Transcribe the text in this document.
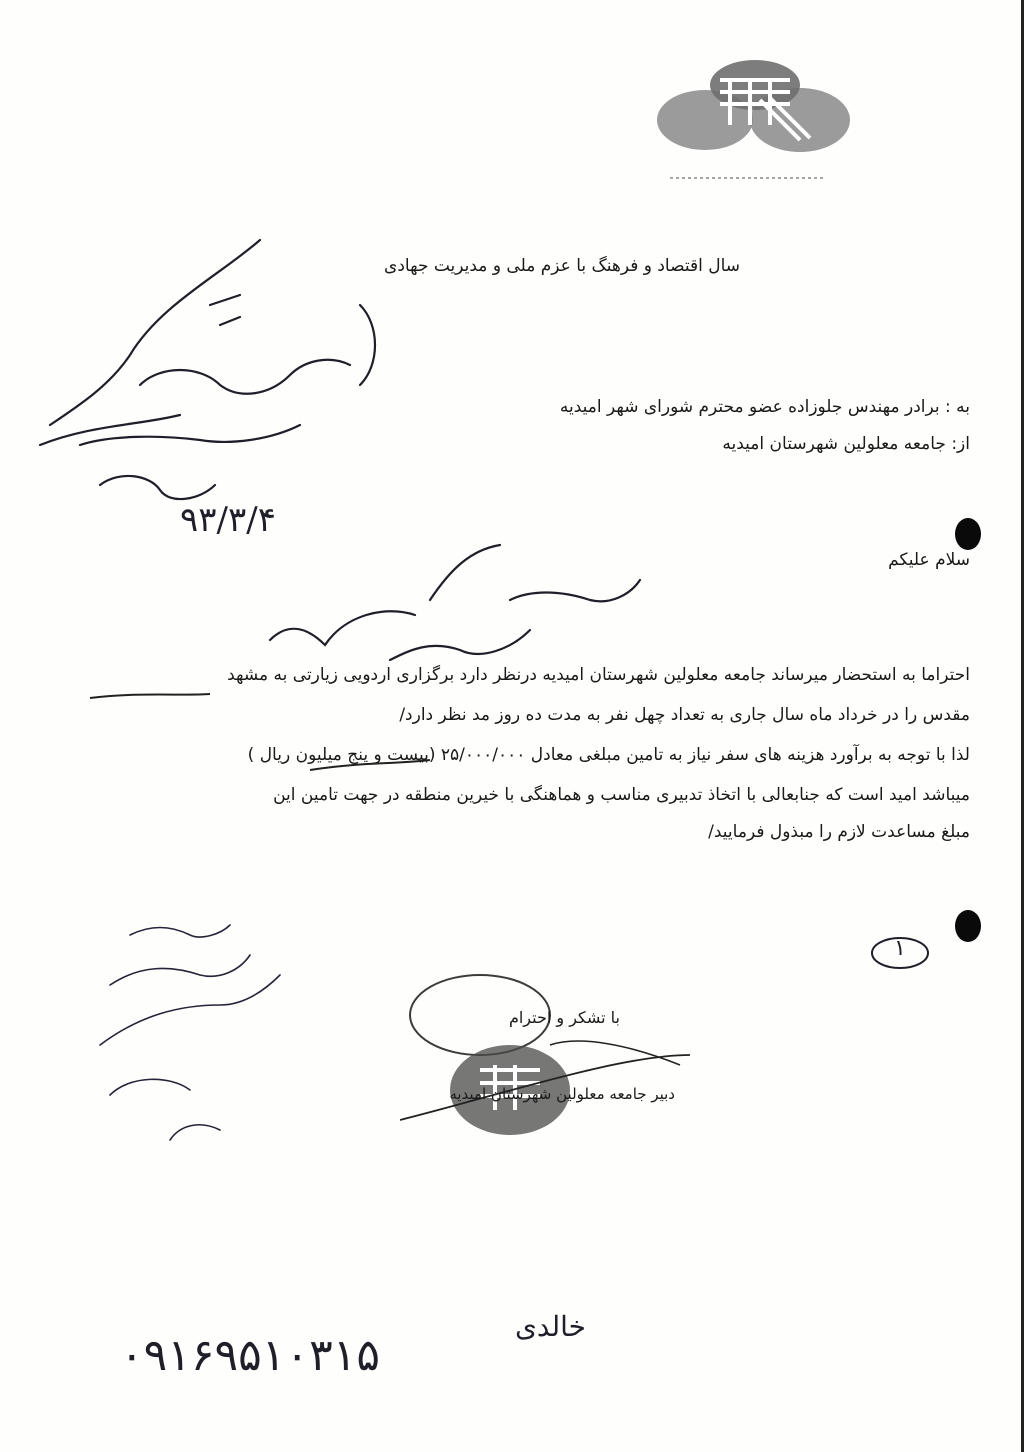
سال اقتصاد و فرهنگ با عزم ملی و مدیریت جهادی
به : برادر مهندس جلوزاده عضو محترم شورای شهر امیدیه
از: جامعه معلولین شهرستان امیدیه
سلام علیکم
احتراما به استحضار میرساند جامعه معلولین شهرستان امیدیه درنظر دارد برگزاری اردویی زیارتی به مشهد
مقدس را در خرداد ماه سال جاری به تعداد چهل نفر به مدت ده روز مد نظر دارد/
لذا با توجه به برآورد هزینه های سفر نیاز به تامین مبلغی معادل ۲۵/۰۰۰/۰۰۰ (بیست و پنج میلیون ریال )
میباشد امید است که جنابعالی با اتخاذ تدبیری مناسب و هماهنگی با خیرین منطقه در جهت تامین این
مبلغ مساعدت لازم را مبذول فرمایید/
۹۳/۳/۴
۱
با تشکر و احترام
دبیر جامعه معلولین شهرستان امیدیه
خالدی
۰۹۱۶۹۵۱۰۳۱۵
